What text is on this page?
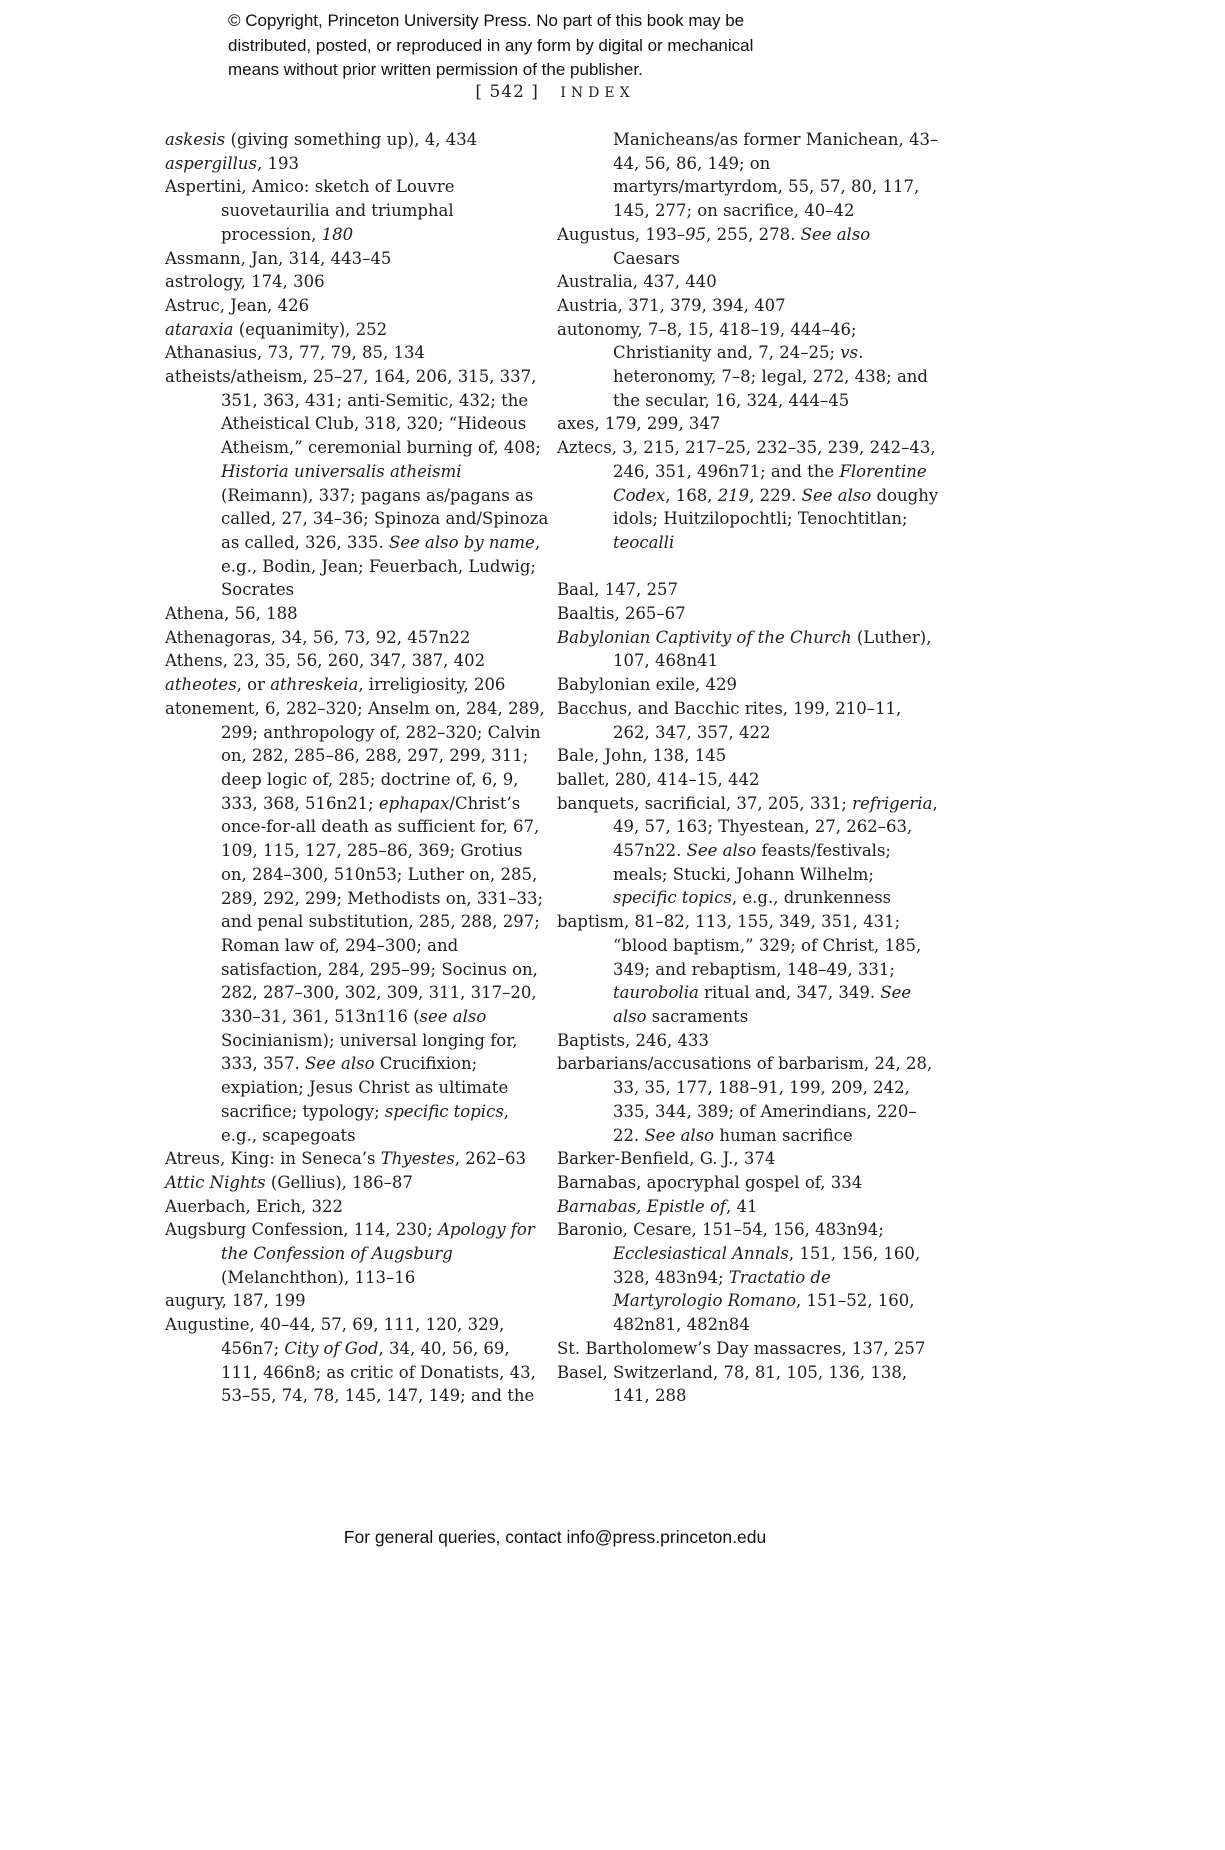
© Copyright, Princeton University Press. No part of this book may be
distributed, posted, or reproduced in any form by digital or mechanical
means without prior written permission of the publisher.
[ 542 ] INDEX

askesis (giving something up), 4, 434

aspergillus, 193

Aspertini, Amico: sketch of Louvre suovetaurilia and triumphal procession, 180

Assmann, Jan, 314, 443–45

astrology, 174, 306

Astruc, Jean, 426

ataraxia (equanimity), 252

Athanasius, 73, 77, 79, 85, 134

atheists/atheism, 25–27, 164, 206, 315, 337, 351, 363, 431; anti-Semitic, 432; the Atheistical Club, 318, 320; “Hideous Atheism,” ceremonial burning of, 408; Historia universalis atheismi (Reimann), 337; pagans as/pagans as called, 27, 34–36; Spinoza and/Spinoza as called, 326, 335. See also by name, e.g., Bodin, Jean; Feuerbach, Ludwig; Socrates

Athena, 56, 188

Athenagoras, 34, 56, 73, 92, 457n22

Athens, 23, 35, 56, 260, 347, 387, 402

atheotes, or athreskeia, irreligiosity, 206

atonement, 6, 282–320; Anselm on, 284, 289, 299; anthropology of, 282–320; Calvin on, 282, 285–86, 288, 297, 299, 311; deep logic of, 285; doctrine of, 6, 9, 333, 368, 516n21; ephapax/Christ’s once-for-all death as sufficient for, 67, 109, 115, 127, 285–86, 369; Grotius on, 284–300, 510n53; Luther on, 285, 289, 292, 299; Methodists on, 331–33; and penal substitution, 285, 288, 297; Roman law of, 294–300; and satisfaction, 284, 295–99; Socinus on, 282, 287–300, 302, 309, 311, 317–20, 330–31, 361, 513n116 (see also Socinianism); universal longing for, 333, 357. See also Crucifixion; expiation; Jesus Christ as ultimate sacrifice; typology; specific topics, e.g., scapegoats

Atreus, King: in Seneca’s Thyestes, 262–63

Attic Nights (Gellius), 186–87

Auerbach, Erich, 322

Augsburg Confession, 114, 230; Apology for the Confession of Augsburg (Melanchthon), 113–16

augury, 187, 199

Augustine, 40–44, 57, 69, 111, 120, 329, 456n7; City of God, 34, 40, 56, 69, 111, 466n8; as critic of Donatists, 43, 53–55, 74, 78, 145, 147, 149; and the

Manicheans/as former Manichean, 43–44, 56, 86, 149; on martyrs/martyrdom, 55, 57, 80, 117, 145, 277; on sacrifice, 40–42

Augustus, 193–95, 255, 278. See also Caesars

Australia, 437, 440

Austria, 371, 379, 394, 407

autonomy, 7–8, 15, 418–19, 444–46; Christianity and, 7, 24–25; vs. heteronomy, 7–8; legal, 272, 438; and the secular, 16, 324, 444–45

axes, 179, 299, 347

Aztecs, 3, 215, 217–25, 232–35, 239, 242–43, 246, 351, 496n71; and the Florentine Codex, 168, 219, 229. See also doughy idols; Huitzilopochtli; Tenochtitlan; teocalli

Baal, 147, 257

Baaltis, 265–67

Babylonian Captivity of the Church (Luther), 107, 468n41

Babylonian exile, 429

Bacchus, and Bacchic rites, 199, 210–11, 262, 347, 357, 422

Bale, John, 138, 145

ballet, 280, 414–15, 442

banquets, sacrificial, 37, 205, 331; refrigeria, 49, 57, 163; Thyestean, 27, 262–63, 457n22. See also feasts/festivals; meals; Stucki, Johann Wilhelm; specific topics, e.g., drunkenness

baptism, 81–82, 113, 155, 349, 351, 431; “blood baptism,” 329; of Christ, 185, 349; and rebaptism, 148–49, 331; taurobolia ritual and, 347, 349. See also sacraments

Baptists, 246, 433

barbarians/accusations of barbarism, 24, 28, 33, 35, 177, 188–91, 199, 209, 242, 335, 344, 389; of Amerindians, 220–22. See also human sacrifice

Barker-Benfield, G. J., 374

Barnabas, apocryphal gospel of, 334

Barnabas, Epistle of, 41

Baronio, Cesare, 151–54, 156, 483n94; Ecclesiastical Annals, 151, 156, 160, 328, 483n94; Tractatio de Martyrologio Romano, 151–52, 160, 482n81, 482n84

St. Bartholomew’s Day massacres, 137, 257

Basel, Switzerland, 78, 81, 105, 136, 138, 141, 288

For general queries, contact info@press.princeton.edu
